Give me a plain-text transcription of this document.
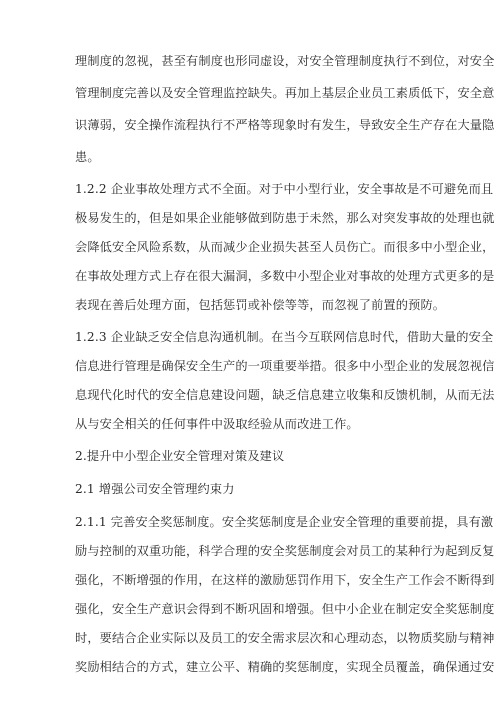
理制度的忽视，甚至有制度也形同虚设，对安全管理制度执行不到位，对安全
管理制度完善以及安全管理监控缺失。再加上基层企业员工素质低下，安全意
识薄弱，安全操作流程执行不严格等现象时有发生，导致安全生产存在大量隐
患。
1.2.2 企业事故处理方式不全面。对于中小型行业，安全事故是不可避免而且
极易发生的，但是如果企业能够做到防患于未然，那么对突发事故的处理也就
会降低安全风险系数，从而减少企业损失甚至人员伤亡。而很多中小型企业，
在事故处理方式上存在很大漏洞，多数中小型企业对事故的处理方式更多的是
表现在善后处理方面，包括惩罚或补偿等等，而忽视了前置的预防。
1.2.3 企业缺乏安全信息沟通机制。在当今互联网信息时代，借助大量的安全
信息进行管理是确保安全生产的一项重要举措。很多中小型企业的发展忽视信
息现代化时代的安全信息建设问题，缺乏信息建立收集和反馈机制，从而无法
从与安全相关的任何事件中汲取经验从而改进工作。
2.提升中小型企业安全管理对策及建议
2.1 增强公司安全管理约束力
2.1.1 完善安全奖惩制度。安全奖惩制度是企业安全管理的重要前提，具有激
励与控制的双重功能，科学合理的安全奖惩制度会对员工的某种行为起到反复
强化，不断增强的作用，在这样的激励惩罚作用下，安全生产工作会不断得到
强化，安全生产意识会得到不断巩固和增强。但中小企业在制定安全奖惩制度
时，要结合企业实际以及员工的安全需求层次和心理动态，以物质奖励与精神
奖励相结合的方式，建立公平、精确的奖惩制度，实现全员覆盖，确保通过安
